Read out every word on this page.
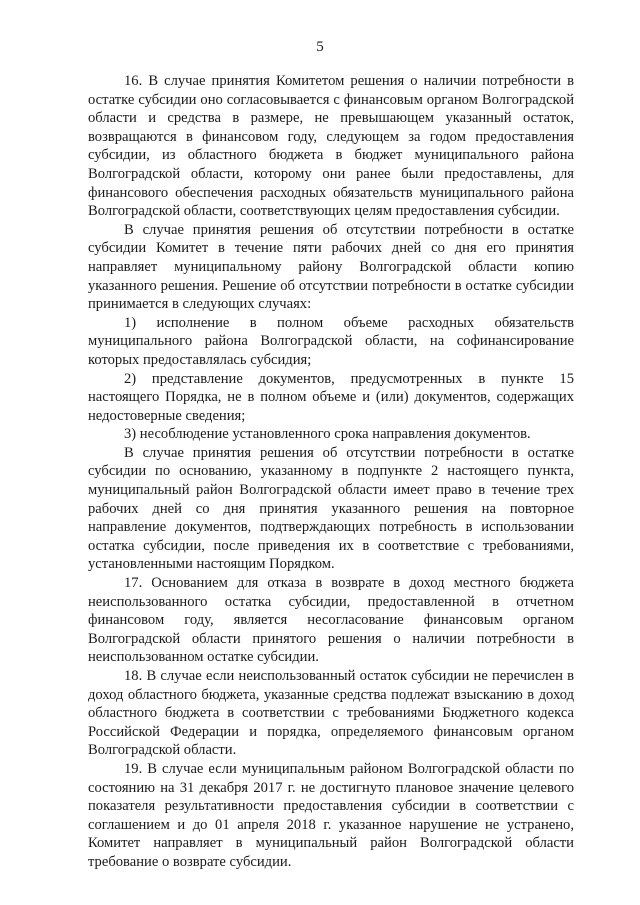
5

16. В случае принятия Комитетом решения о наличии потребности в остатке субсидии оно согласовывается с финансовым органом Волгоградской области и средства в размере, не превышающем указанный остаток, возвращаются в финансовом году, следующем за годом предоставления субсидии, из областного бюджета в бюджет муниципального района Волгоградской области, которому они ранее были предоставлены, для финансового обеспечения расходных обязательств муниципального района Волгоградской области, соответствующих целям предоставления субсидии.

В случае принятия решения об отсутствии потребности в остатке субсидии Комитет в течение пяти рабочих дней со дня его принятия направляет муниципальному району Волгоградской области копию указанного решения. Решение об отсутствии потребности в остатке субсидии принимается в следующих случаях:

1) исполнение в полном объеме расходных обязательств муниципального района Волгоградской области, на софинансирование которых предоставлялась субсидия;

2) представление документов, предусмотренных в пункте 15 настоящего Порядка, не в полном объеме и (или) документов, содержащих недостоверные сведения;

3) несоблюдение установленного срока направления документов.

В случае принятия решения об отсутствии потребности в остатке субсидии по основанию, указанному в подпункте 2 настоящего пункта, муниципальный район Волгоградской области имеет право в течение трех рабочих дней со дня принятия указанного решения на повторное направление документов, подтверждающих потребность в использовании остатка субсидии, после приведения их в соответствие с требованиями, установленными настоящим Порядком.

17. Основанием для отказа в возврате в доход местного бюджета неиспользованного остатка субсидии, предоставленной в отчетном финансовом году, является несогласование финансовым органом Волгоградской области принятого решения о наличии потребности в неиспользованном остатке субсидии.

18. В случае если неиспользованный остаток субсидии не перечислен в доход областного бюджета, указанные средства подлежат взысканию в доход областного бюджета в соответствии с требованиями Бюджетного кодекса Российской Федерации и порядка, определяемого финансовым органом Волгоградской области.

19. В случае если муниципальным районом Волгоградской области по состоянию на 31 декабря 2017 г. не достигнуто плановое значение целевого показателя результативности предоставления субсидии в соответствии с соглашением и до 01 апреля 2018 г. указанное нарушение не устранено, Комитет направляет в муниципальный район Волгоградской области требование о возврате субсидии.
